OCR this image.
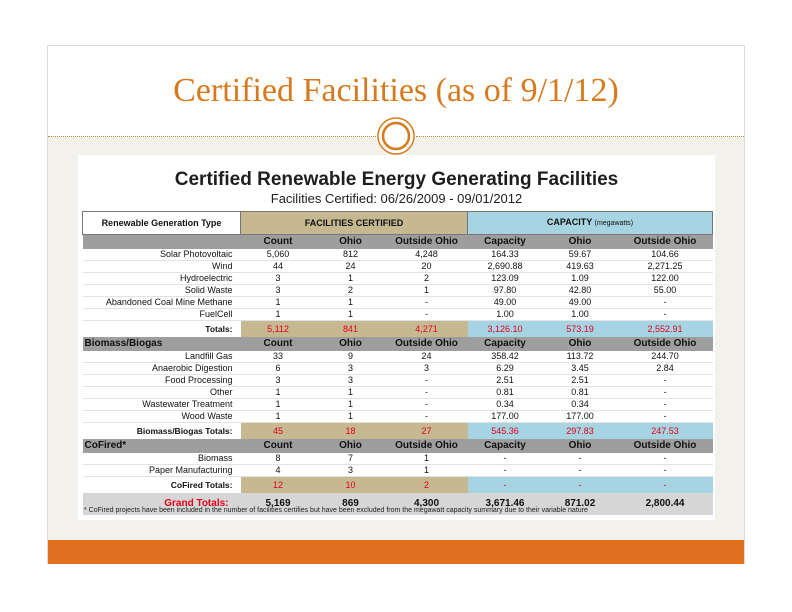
Certified Facilities (as of 9/1/12)
Certified Renewable Energy Generating Facilities
Facilities Certified: 06/26/2009 - 09/01/2012
Renewable Generation Type	FACILITIES CERTIFIED			CAPACITY (megawatts)		
	Count	Ohio	Outside Ohio	Capacity	Ohio	Outside Ohio
Solar Photovoltaic	5,060	812	4,248	164.33	59.67	104.66
Wind	44	24	20	2,690.88	419.63	2,271.25
Hydroelectric	3	1	2	123.09	1.09	122.00
Solid Waste	3	2	1	97.80	42.80	55.00
Abandoned Coal Mine Methane	1	1	-	49.00	49.00	-
FuelCell	1	1	-	1.00	1.00	-
Totals:	5,112	841	4,271	3,126.10	573.19	2,552.91
Biomass/Biogas	Count	Ohio	Outside Ohio	Capacity	Ohio	Outside Ohio
Landfill Gas	33	9	24	358.42	113.72	244.70
Anaerobic Digestion	6	3	3	6.29	3.45	2.84
Food Processing	3	3	-	2.51	2.51	-
Other	1	1	-	0.81	0.81	-
Wastewater Treatment	1	1	-	0.34	0.34	-
Wood Waste	1	1	-	177.00	177.00	-
Biomass/Biogas Totals:	45	18	27	545.36	297.83	247.53
CoFired*	Count	Ohio	Outside Ohio	Capacity	Ohio	Outside Ohio
Biomass	8	7	1	-	-	-
Paper Manufacturing	4	3	1	-	-	-
CoFired Totals:	12	10	2	-	-	-
Grand Totals:	5,169	869	4,300	3,671.46	871.02	2,800.44
* CoFired projects have been included in the number of facilities certifies but have been excluded from the megawatt capacity summary due to their variable nature
